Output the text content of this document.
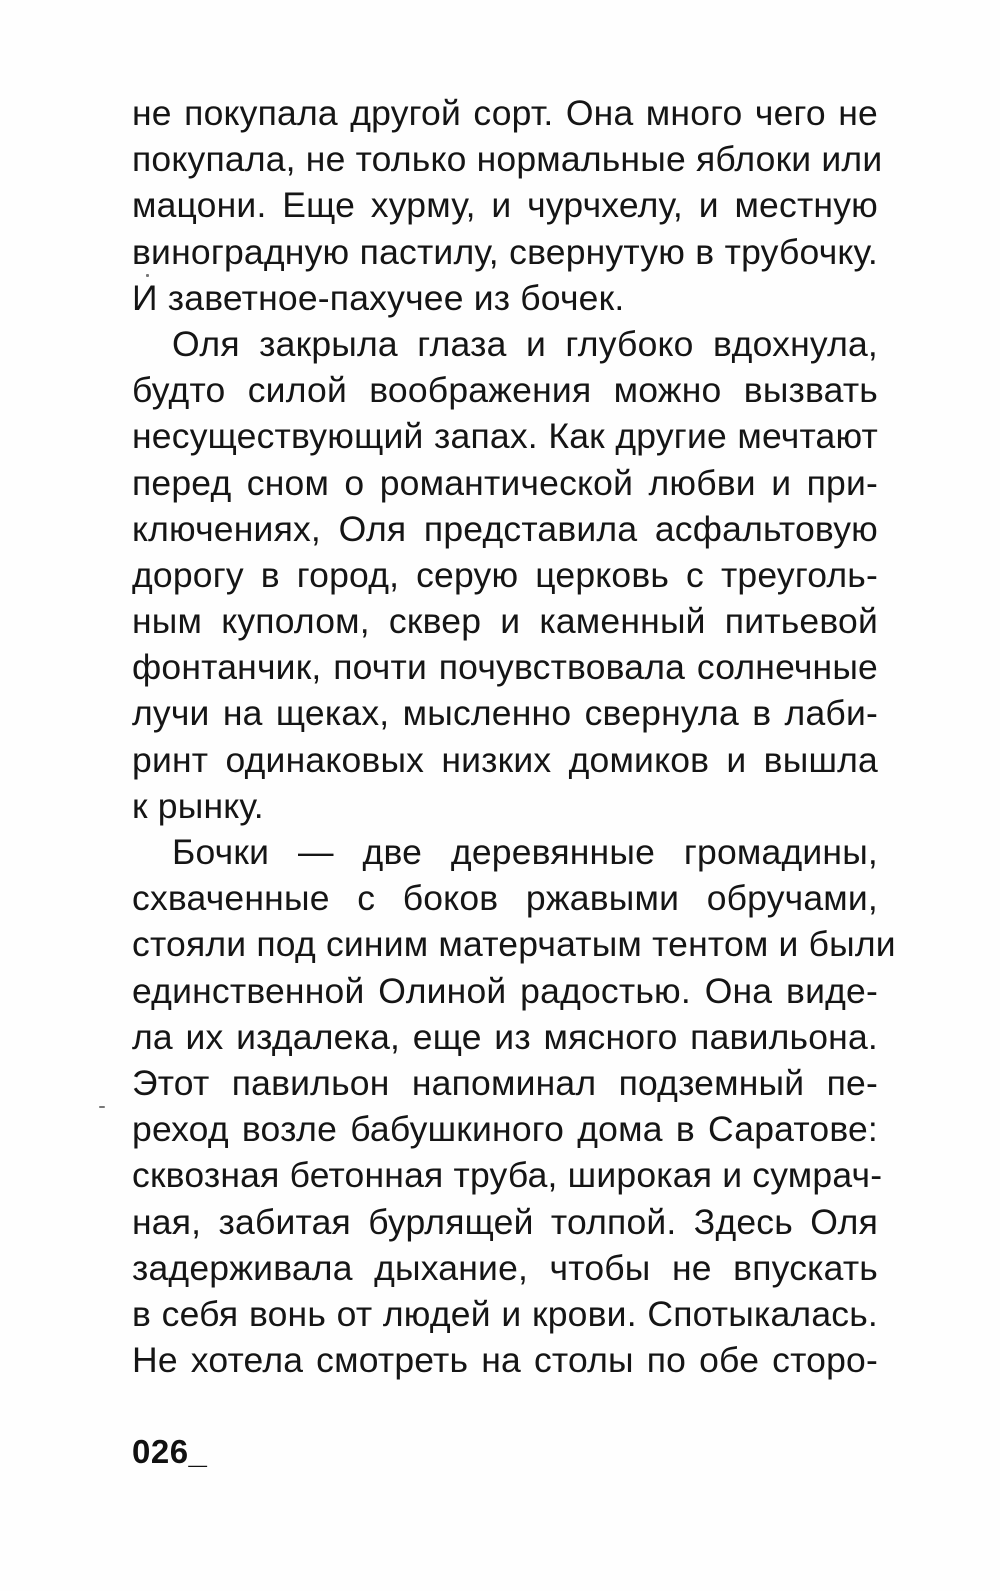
не покупала другой сорт. Она много чего не
покупала, не только нормальные яблоки или
мацони. Еще хурму, и чурчхелу, и местную
виноградную пастилу, свернутую в трубочку.
И заветное-пахучее из бочек.
Оля закрыла глаза и глубоко вдохнула,
будто силой воображения можно вызвать
несуществующий запах. Как другие мечтают
перед сном о романтической любви и при-
ключениях, Оля представила асфальтовую
дорогу в город, серую церковь с треуголь-
ным куполом, сквер и каменный питьевой
фонтанчик, почти почувствовала солнечные
лучи на щеках, мысленно свернула в лаби-
ринт одинаковых низких домиков и вышла
к рынку.
Бочки — две деревянные громадины,
схваченные с боков ржавыми обручами,
стояли под синим матерчатым тентом и были
единственной Олиной радостью. Она виде-
ла их издалека, еще из мясного павильона.
Этот павильон напоминал подземный пе-
реход возле бабушкиного дома в Саратове:
сквозная бетонная труба, широкая и сумрач-
ная, забитая бурлящей толпой. Здесь Оля
задерживала дыхание, чтобы не впускать
в себя вонь от людей и крови. Спотыкалась.
Не хотела смотреть на столы по обе сторо-
026_
